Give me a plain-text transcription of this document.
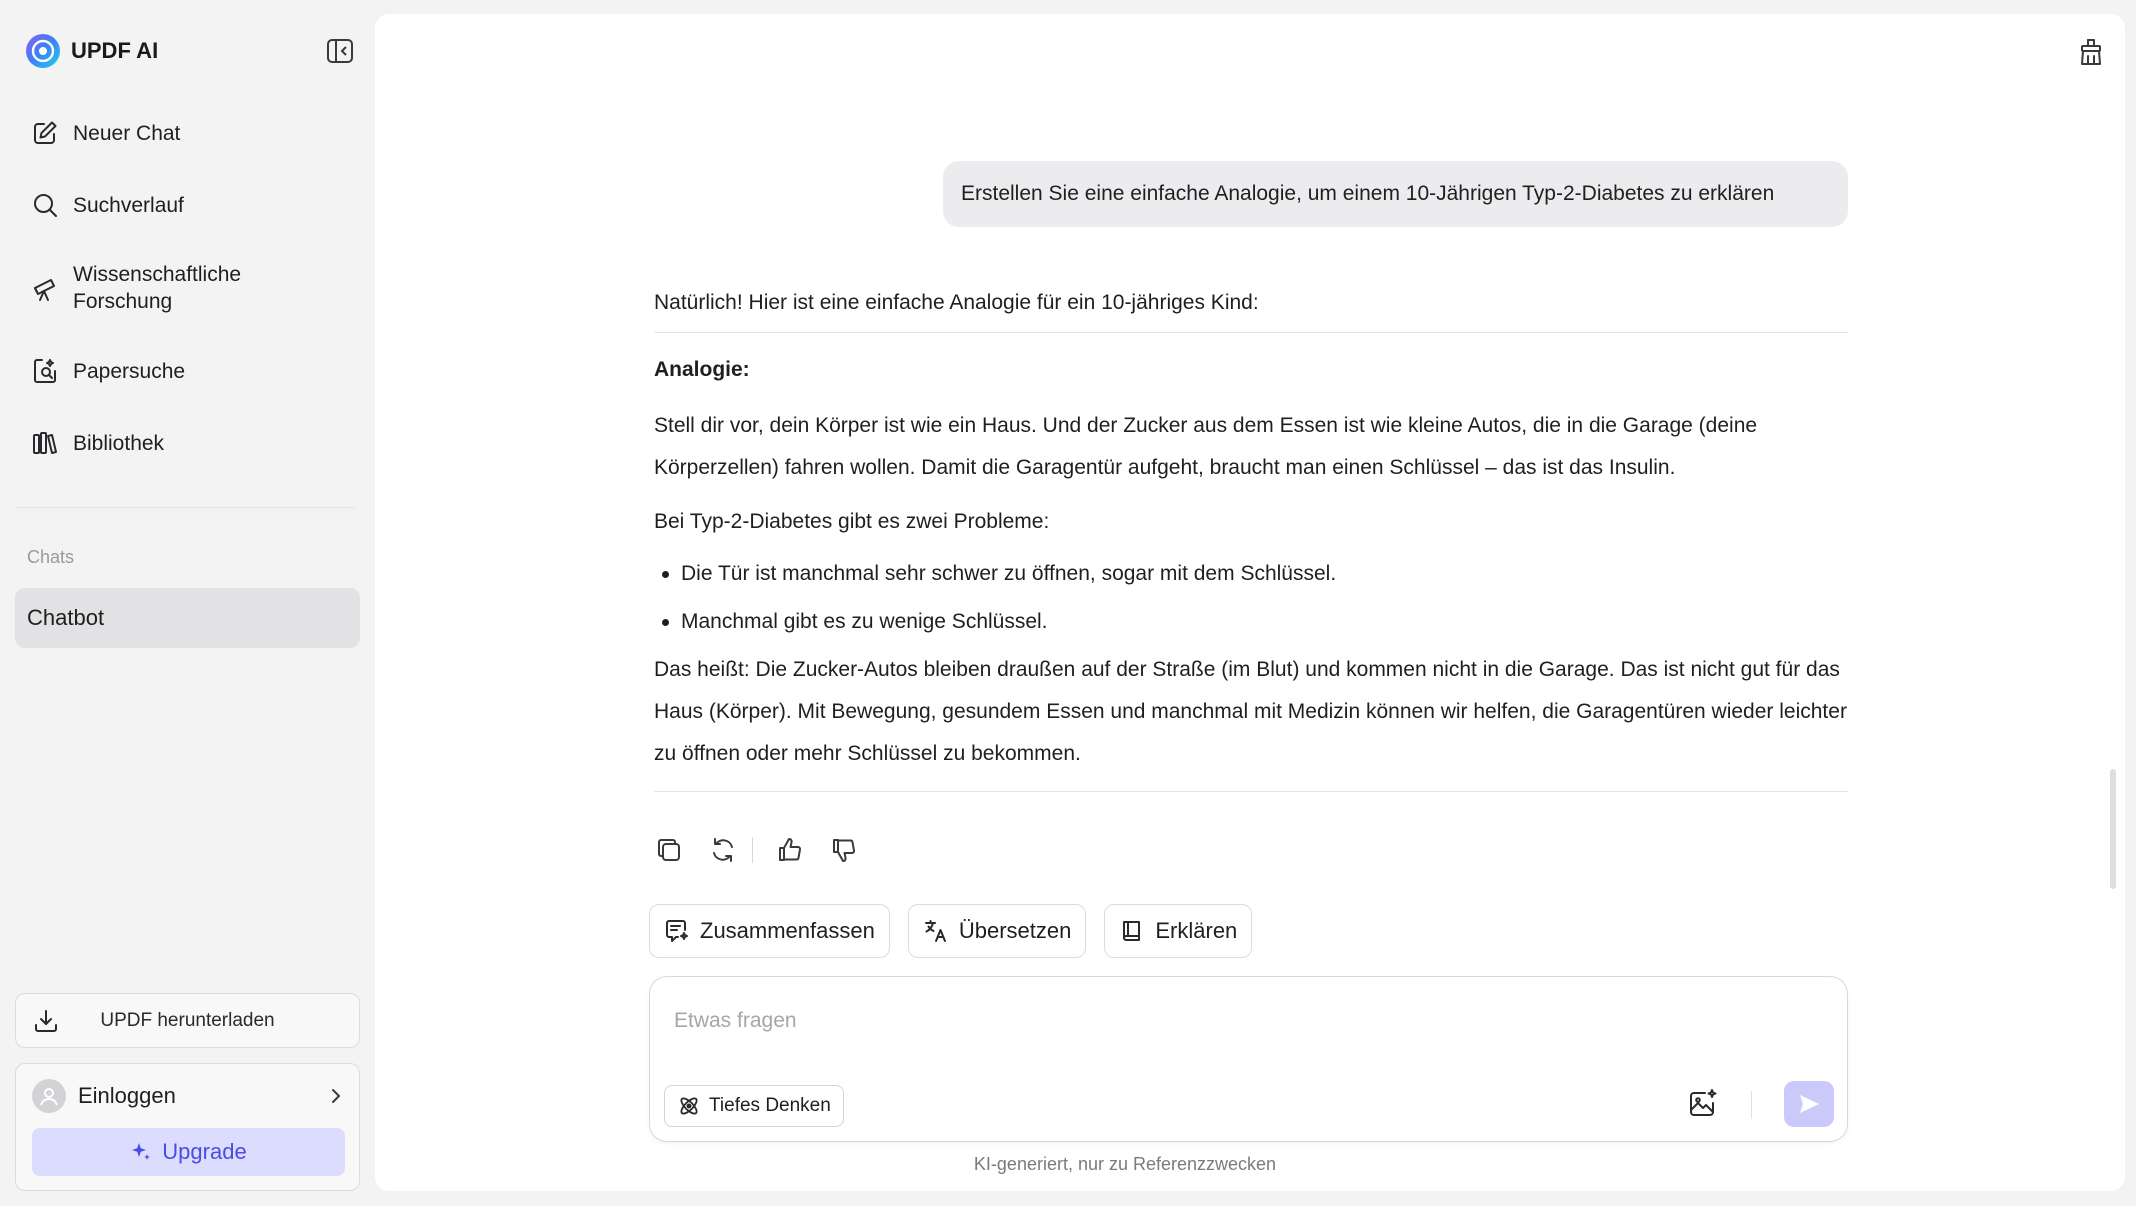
UPDF AI
Neuer Chat
Suchverlauf
Wissenschaftliche Forschung
Papersuche
Bibliothek
Chats
Chatbot
UPDF herunterladen
Einloggen
Upgrade
Erstellen Sie eine einfache Analogie, um einem 10-Jährigen Typ-2-Diabetes zu erklären

Natürlich! Hier ist eine einfache Analogie für ein 10-jähriges Kind:

Analogie:

Stell dir vor, dein Körper ist wie ein Haus. Und der Zucker aus dem Essen ist wie kleine Autos, die in die Garage (deine Körperzellen) fahren wollen. Damit die Garagentür aufgeht, braucht man einen Schlüssel – das ist das Insulin.

Bei Typ-2-Diabetes gibt es zwei Probleme:

Die Tür ist manchmal sehr schwer zu öffnen, sogar mit dem Schlüssel.
Manchmal gibt es zu wenige Schlüssel.

Das heißt: Die Zucker-Autos bleiben draußen auf der Straße (im Blut) und kommen nicht in die Garage. Das ist nicht gut für das Haus (Körper). Mit Bewegung, gesundem Essen und manchmal mit Medizin können wir helfen, die Garagentüren wieder leichter zu öffnen oder mehr Schlüssel zu bekommen.

Zusammenfassen	Übersetzen	Erklären
Etwas fragen
Tiefes Denken
KI-generiert, nur zu Referenzzwecken
